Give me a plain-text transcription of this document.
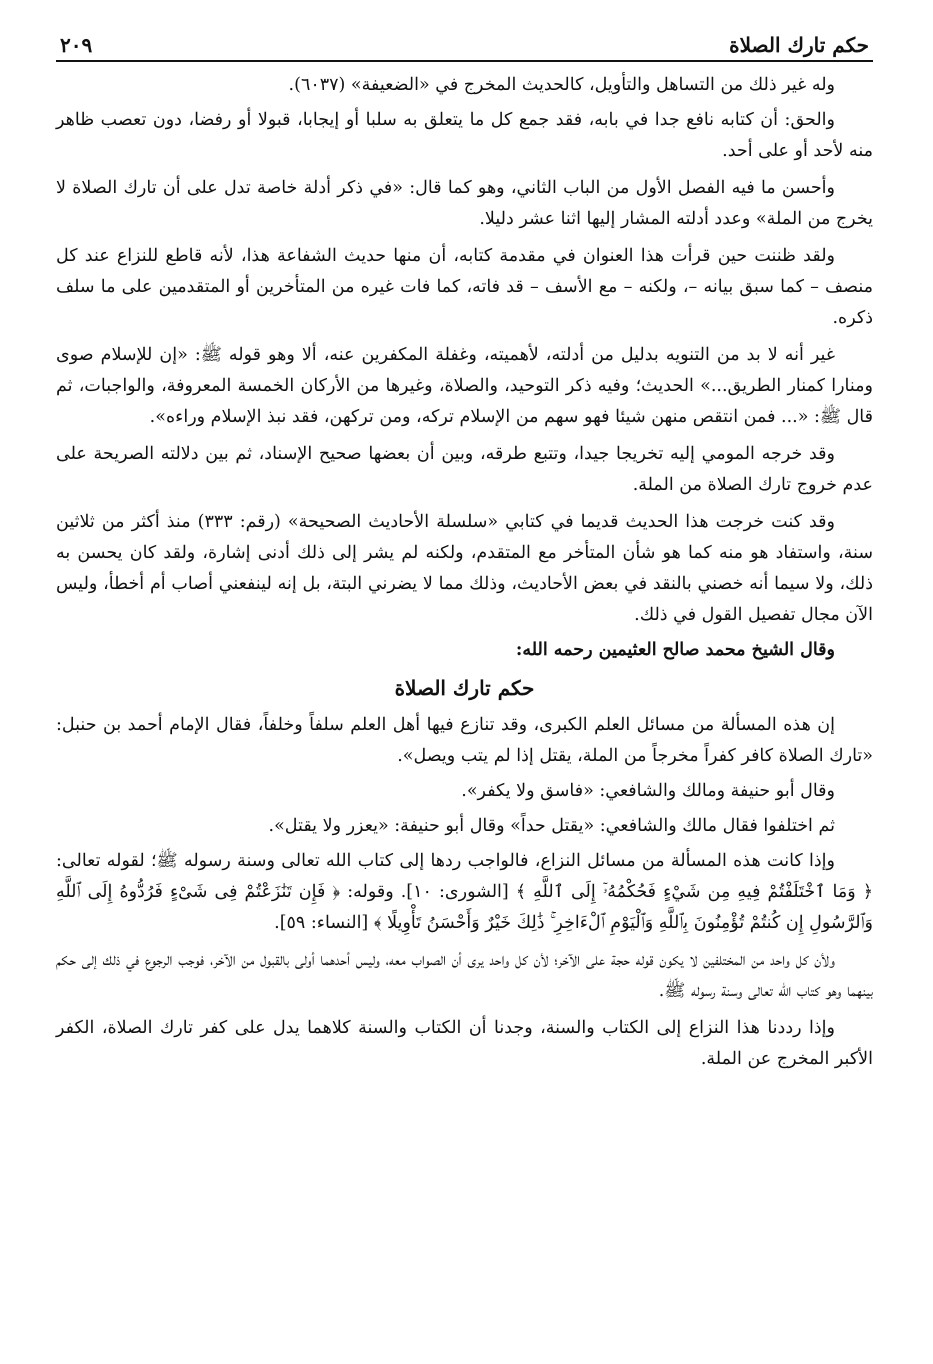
حكم تارك الصلاة
٢٠٩

وله غير ذلك من التساهل والتأويل، كالحديث المخرج في «الضعيفة» (٦٠٣٧).

والحق: أن كتابه نافع جدا في بابه، فقد جمع كل ما يتعلق به سلبا أو إيجابا، قبولا أو رفضا، دون تعصب ظاهر منه لأحد أو على أحد.

وأحسن ما فيه الفصل الأول من الباب الثاني، وهو كما قال: «في ذكر أدلة خاصة تدل على أن تارك الصلاة لا يخرج من الملة» وعدد أدلته المشار إليها اثنا عشر دليلا.

ولقد ظننت حين قرأت هذا العنوان في مقدمة كتابه، أن منها حديث الشفاعة هذا، لأنه قاطع للنزاع عند كل منصف – كما سبق بيانه –، ولكنه – مع الأسف – قد فاته، كما فات غيره من المتأخرين أو المتقدمين على ما سلف ذكره.

غير أنه لا بد من التنويه بدليل من أدلته، لأهميته، وغفلة المكفرين عنه، ألا وهو قوله ﷺ: «إن للإسلام صوى ومنارا كمنار الطريق...» الحديث؛ وفيه ذكر التوحيد، والصلاة، وغيرها من الأركان الخمسة المعروفة، والواجبات، ثم قال ﷺ: «... فمن انتقص منهن شيئا فهو سهم من الإسلام تركه، ومن تركهن، فقد نبذ الإسلام وراءه».

وقد خرجه المومي إليه تخريجا جيدا، وتتبع طرقه، وبين أن بعضها صحيح الإسناد، ثم بين دلالته الصريحة على عدم خروج تارك الصلاة من الملة.

وقد كنت خرجت هذا الحديث قديما في كتابي «سلسلة الأحاديث الصحيحة» (رقم: ٣٣٣) منذ أكثر من ثلاثين سنة، واستفاد هو منه كما هو شأن المتأخر مع المتقدم، ولكنه لم يشر إلى ذلك أدنى إشارة، ولقد كان يحسن به ذلك، ولا سيما أنه خصني بالنقد في بعض الأحاديث، وذلك مما لا يضرني البتة، بل إنه لينفعني أصاب أم أخطأ، وليس الآن مجال تفصيل القول في ذلك.

وقال الشيخ محمد صالح العثيمين رحمه الله:

حكم تارك الصلاة

إن هذه المسألة من مسائل العلم الكبرى، وقد تنازع فيها أهل العلم سلفاً وخلفاً، فقال الإمام أحمد بن حنبل: «تارك الصلاة كافر كفراً مخرجاً من الملة، يقتل إذا لم يتب ويصل».

وقال أبو حنيفة ومالك والشافعي: «فاسق ولا يكفر».

ثم اختلفوا فقال مالك والشافعي: «يقتل حداً» وقال أبو حنيفة: «يعزر ولا يقتل».

وإذا كانت هذه المسألة من مسائل النزاع، فالواجب ردها إلى كتاب الله تعالى وسنة رسوله ﷺ؛ لقوله تعالى: ﴿ وَمَا ٱخْتَلَفْتُمْ فِيهِ مِن شَيْءٍ فَحُكْمُهُۥٓ إِلَى ٱللَّهِ ﴾ [الشورى: ١٠]. وقوله: ﴿ فَإِن تَنَٰزَعْتُمْ فِى شَىْءٍ فَرُدُّوهُ إِلَى ٱللَّهِ وَٱلرَّسُولِ إِن كُنتُمْ تُؤْمِنُونَ بِٱللَّهِ وَٱلْيَوْمِ ٱلْءَاخِرِ ۚ ذَٰلِكَ خَيْرٌ وَأَحْسَنُ تَأْوِيلًا ﴾ [النساء: ٥٩].

ولأن كل واحد من المختلفين لا يكون قوله حجة على الآخر؛ لأن كل واحد يرى أن الصواب معه، وليس أحدهما أولى بالقبول من الآخر، فوجب الرجوع في ذلك إلى حكم بينهما وهو كتاب الله تعالى وسنة رسوله ﷺ.

وإذا رددنا هذا النزاع إلى الكتاب والسنة، وجدنا أن الكتاب والسنة كلاهما يدل على كفر تارك الصلاة، الكفر الأكبر المخرج عن الملة.
